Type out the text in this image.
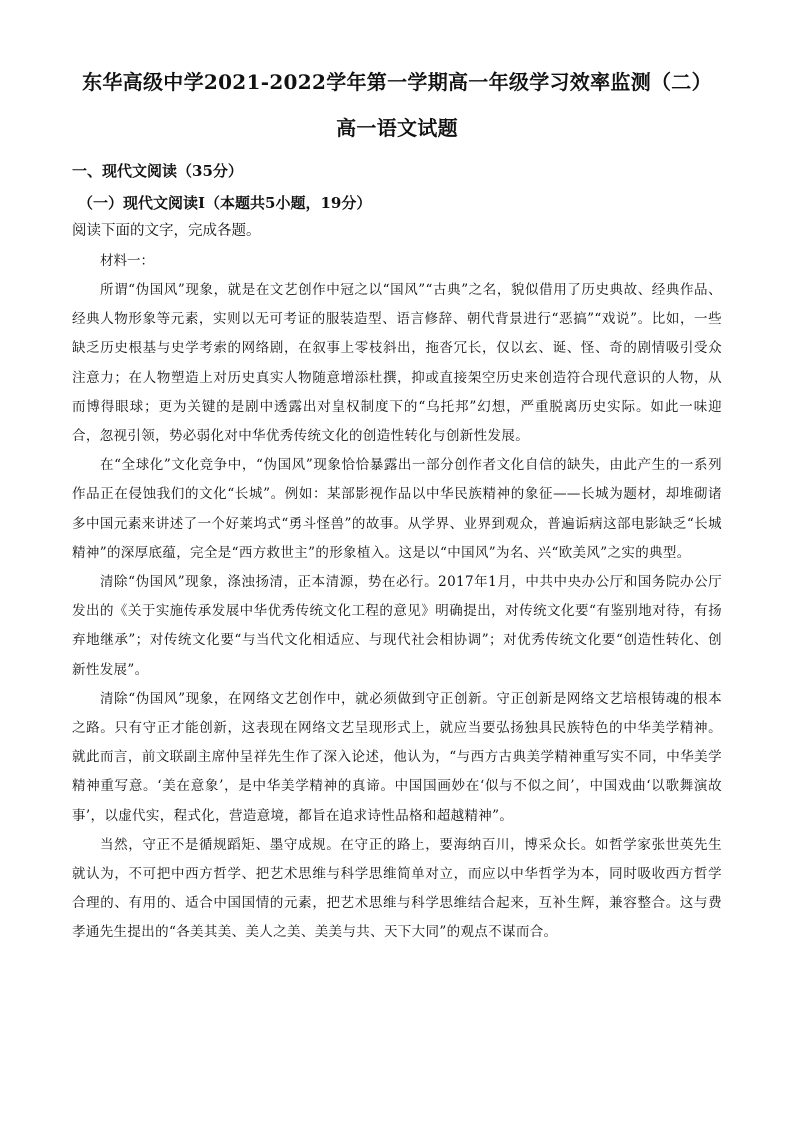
东华高级中学2021-2022学年第一学期高一年级学习效率监测（二）
高一语文试题
一、现代文阅读（35分）
（一）现代文阅读I（本题共5小题，19分）
阅读下面的文字，完成各题。
材料一：

所谓“伪国风”现象，就是在文艺创作中冠之以“国风”“古典”之名，貌似借用了历史典故、经典作品、经典人物形象等元素，实则以无可考证的服装造型、语言修辞、朝代背景进行“恶搞”“戏说”。比如，一些缺乏历史根基与史学考索的网络剧，在叙事上零枝斜出，拖沓冗长，仅以玄、诞、怪、奇的剧情吸引受众注意力；在人物塑造上对历史真实人物随意增添杜撰，抑或直接架空历史来创造符合现代意识的人物，从而博得眼球；更为关键的是剧中透露出对皇权制度下的“乌托邦”幻想，严重脱离历史实际。如此一味迎合，忽视引领，势必弱化对中华优秀传统文化的创造性转化与创新性发展。

在“全球化”文化竞争中，“伪国风”现象恰恰暴露出一部分创作者文化自信的缺失，由此产生的一系列作品正在侵蚀我们的文化“长城”。例如：某部影视作品以中华民族精神的象征——长城为题材，却堆砌诸多中国元素来讲述了一个好莱坞式“勇斗怪兽”的故事。从学界、业界到观众，普遍诟病这部电影缺乏“长城精神”的深厚底蕴，完全是“西方救世主”的形象植入。这是以“中国风”为名、兴“欧美风”之实的典型。

清除“伪国风”现象，涤浊扬清，正本清源，势在必行。2017年1月，中共中央办公厅和国务院办公厅发出的《关于实施传承发展中华优秀传统文化工程的意见》明确提出，对传统文化要“有鉴别地对待，有扬弃地继承”；对传统文化要“与当代文化相适应、与现代社会相协调”；对优秀传统文化要“创造性转化、创新性发展”。

清除“伪国风”现象，在网络文艺创作中，就必须做到守正创新。守正创新是网络文艺培根铸魂的根本之路。只有守正才能创新，这表现在网络文艺呈现形式上，就应当要弘扬独具民族特色的中华美学精神。就此而言，前文联副主席仲呈祥先生作了深入论述，他认为，“与西方古典美学精神重写实不同，中华美学精神重写意。‘美在意象’，是中华美学精神的真谛。中国国画妙在‘似与不似之间’，中国戏曲‘以歌舞演故事’，以虚代实，程式化，营造意境，都旨在追求诗性品格和超越精神”。

当然，守正不是循规蹈矩、墨守成规。在守正的路上，要海纳百川，博采众长。如哲学家张世英先生就认为，不可把中西方哲学、把艺术思维与科学思维简单对立，而应以中华哲学为本，同时吸收西方哲学合理的、有用的、适合中国国情的元素，把艺术思维与科学思维结合起来，互补生辉，兼容整合。这与费孝通先生提出的“各美其美、美人之美、美美与共、天下大同”的观点不谋而合。
